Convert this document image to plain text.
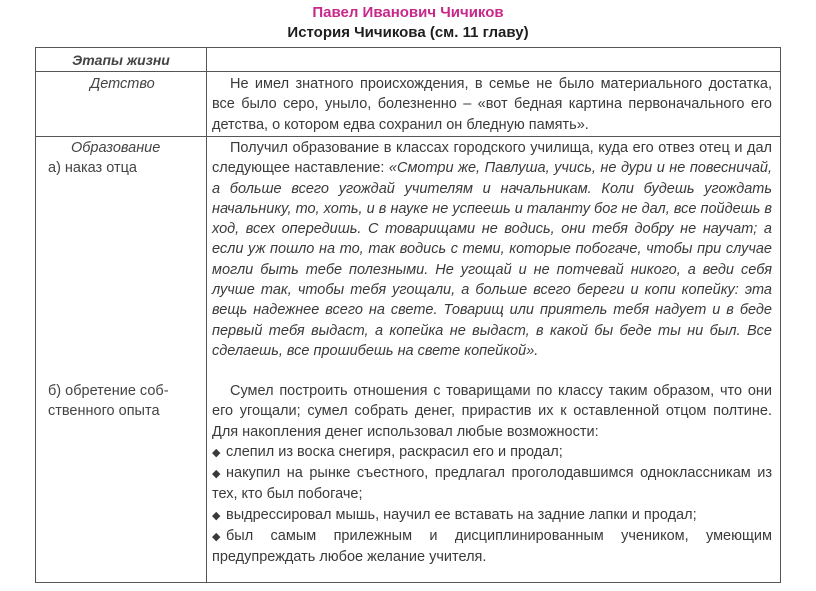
Павел Иванович Чичиков
История Чичикова (см. 11 главу)
Этапы жизни
Детство	Не имел знатного происхождения, в семье не было материального достатка, все было серо, уныло, болезненно – «вот бедная картина первоначального его детства, о котором едва сохранил он бледную память».
Образование
а) наказ отца
б) обретение соб-
ственного опыта
Получил образование в классах городского училища, куда его отвез отец и дал следующее наставление: «Смотри же, Павлуша, учись, не дури и не повесничай, а больше всего угождай учителям и начальникам. Коли будешь угождать начальнику, то, хоть, и в науке не успеешь и таланту бог не дал, все пойдешь в ход, всех опередишь. С товарищами не водись, они тебя добру не научат; а если уж пошло на то, так водись с теми, которые побогаче, чтобы при случае могли быть тебе полезными. Не угощай и не потчевай никого, а веди себя лучше так, чтобы тебя угощали, а больше всего береги и копи копейку: эта вещь надежнее всего на свете. Товарищ или приятель тебя надует и в беде первый тебя выдаст, а копейка не выдаст, в какой бы беде ты ни был. Все сделаешь, все прошибешь на свете копейкой».
Сумел построить отношения с товарищами по классу таким образом, что они его угощали; сумел собрать денег, прирастив их к оставленной отцом полтине. Для накопления денег использовал любые возможности:
◆ слепил из воска снегиря, раскрасил его и продал;
◆ накупил на рынке съестного, предлагал проголодавшимся одноклассникам из тех, кто был побогаче;
◆ выдрессировал мышь, научил ее вставать на задние лапки и продал;
◆ был самым прилежным и дисциплинированным учеником, умеющим предупреждать любое желание учителя.
